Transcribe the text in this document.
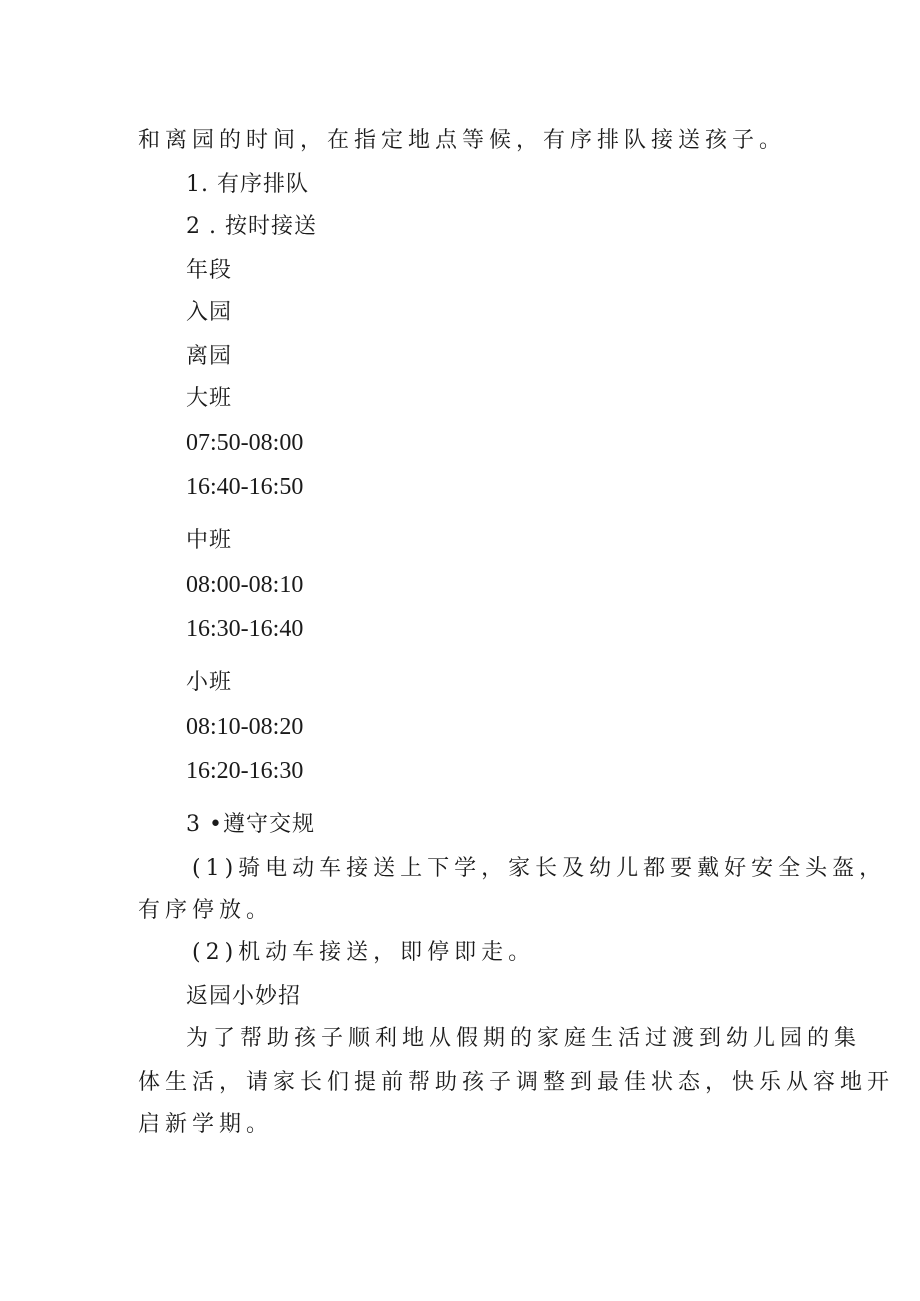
和离园的时间，在指定地点等候，有序排队接送孩子。
1. 有序排队
2 . 按时接送
年段
入园
离园
大班
07:50-08:00
16:40-16:50
中班
08:00-08:10
16:30-16:40
小班
08:10-08:20
16:20-16:30
3 •遵守交规
(1)骑电动车接送上下学，家长及幼儿都要戴好安全头盔，
有序停放。
(2)机动车接送，即停即走。
返园小妙招
为了帮助孩子顺利地从假期的家庭生活过渡到幼儿园的集
体生活，请家长们提前帮助孩子调整到最佳状态，快乐从容地开
启新学期。
